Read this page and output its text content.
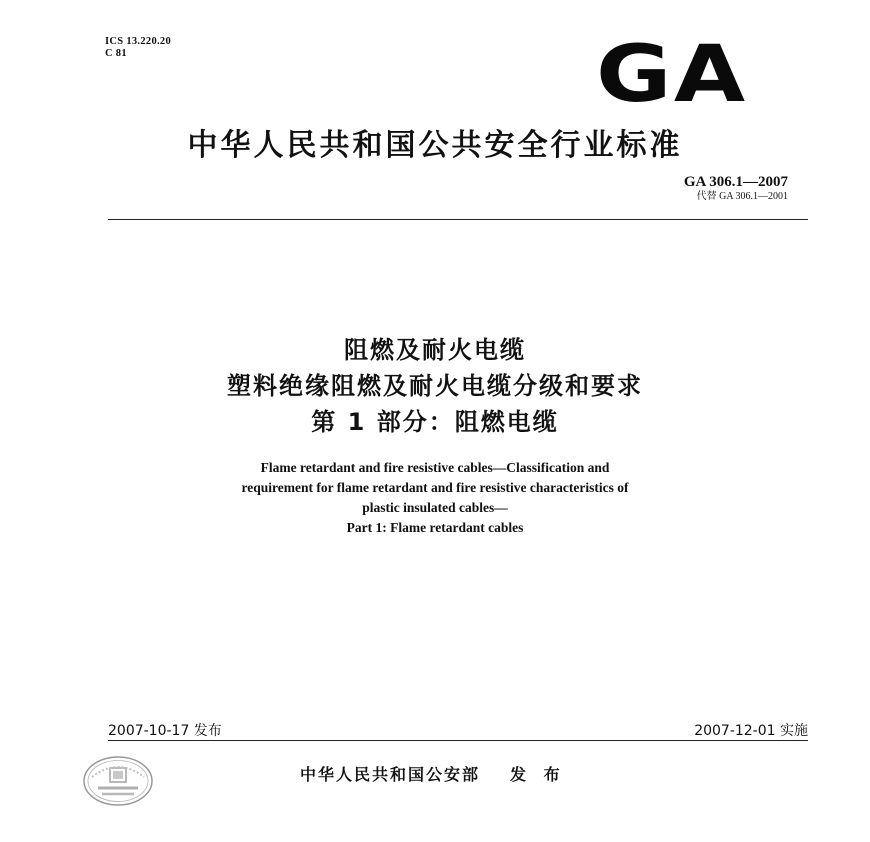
ICS 13.220.20
C 81	GA
中华人民共和国公共安全行业标准
GA 306.1—2007
代替 GA 306.1—2001
阻燃及耐火电缆
塑料绝缘阻燃及耐火电缆分级和要求
第 1 部分：阻燃电缆
Flame retardant and fire resistive cables—Classification and
requirement for flame retardant and fire resistive characteristics of
plastic insulated cables—
Part 1: Flame retardant cables
2007-10-17 发布	2007-12-01 实施
中华人民共和国公安部 发 布
